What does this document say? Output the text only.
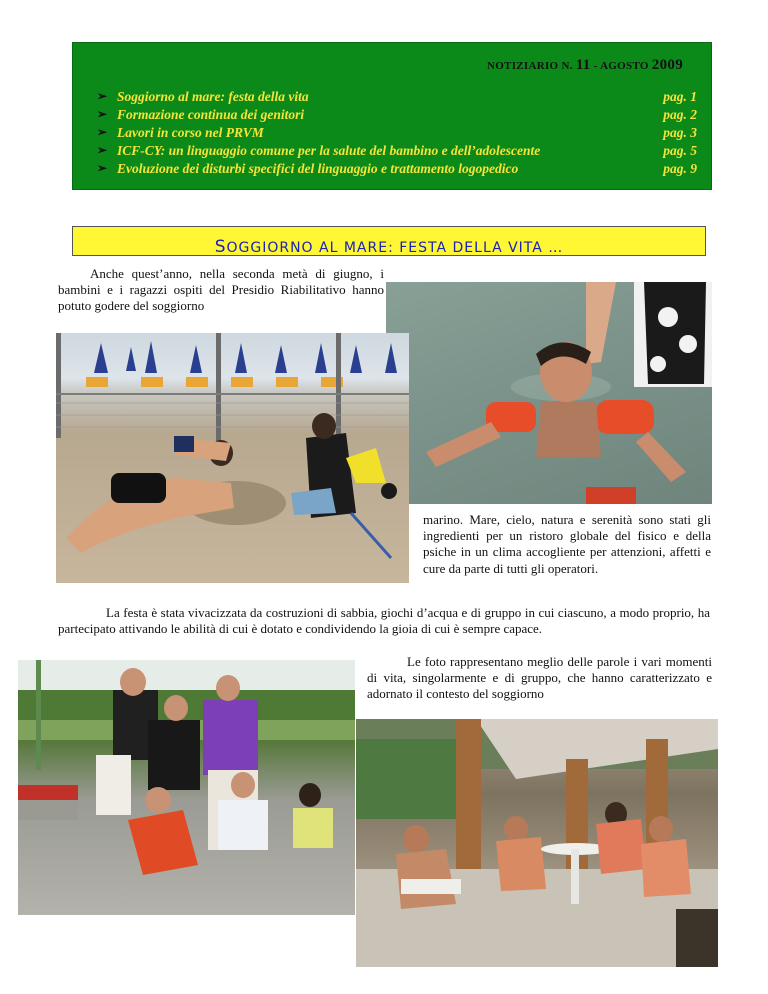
NOTIZIARIO N. 11 - AGOSTO 2009
➢ Soggiorno al mare: festa della vita	pag. 1
➢ Formazione continua dei genitori	pag. 2
➢ Lavori in corso nel PRVM	pag. 3
➢ ICF-CY: un linguaggio comune per la salute del bambino e dell’adolescente	pag. 5
➢ Evoluzione dei disturbi specifici del linguaggio e trattamento logopedico	pag. 9
SOGGIORNO AL MARE: FESTA DELLA VITA …
Anche quest’anno, nella seconda metà di giugno, i bambini e i ragazzi ospiti del Presidio Riabilitativo hanno potuto godere del soggiorno
marino. Mare, cielo, natura e serenità sono stati gli ingredienti per un ristoro globale del fisico e della psiche in un clima accogliente per attenzioni, affetti e cure da parte di tutti gli operatori.
La festa è stata vivacizzata da costruzioni di sabbia, giochi d’acqua e di gruppo in cui ciascuno, a modo proprio, ha partecipato attivando le abilità di cui è dotato e condividendo la gioia di cui è sempre capace.
Le foto rappresentano meglio delle parole i vari momenti di vita, singolarmente e di gruppo, che hanno caratterizzato e adornato il contesto del soggiorno
